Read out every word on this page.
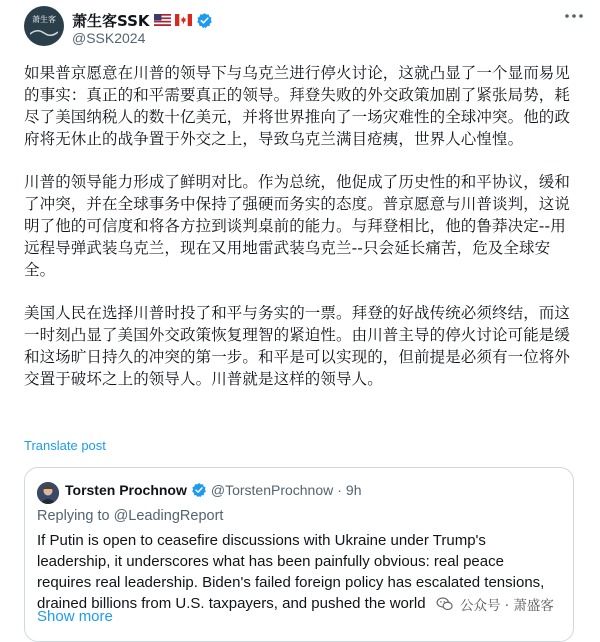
萧生客	萧生客SSK
@SSK2024

如果普京愿意在川普的领导下与乌克兰进行停火讨论，这就凸显了一个显而易见的事实：真正的和平需要真正的领导。拜登失败的外交政策加剧了紧张局势，耗尽了美国纳税人的数十亿美元，并将世界推向了一场灾难性的全球冲突。他的政府将无休止的战争置于外交之上，导致乌克兰满目疮痍，世界人心惶惶。

川普的领导能力形成了鲜明对比。作为总统，他促成了历史性的和平协议，缓和了冲突，并在全球事务中保持了强硬而务实的态度。普京愿意与川普谈判，这说明了他的可信度和将各方拉到谈判桌前的能力。与拜登相比，他的鲁莽决定--用远程导弹武装乌克兰，现在又用地雷武装乌克兰--只会延长痛苦，危及全球安全。

美国人民在选择川普时投了和平与务实的一票。拜登的好战传统必须终结，而这一时刻凸显了美国外交政策恢复理智的紧迫性。由川普主导的停火讨论可能是缓和这场旷日持久的冲突的第一步。和平是可以实现的，但前提是必须有一位将外交置于破坏之上的领导人。川普就是这样的领导人。

Translate post
Torsten Prochnow @TorstenProchnow · 9h
Replying to @LeadingReport
If Putin is open to ceasefire discussions with Ukraine under Trump's leadership, it underscores what has been painfully obvious: real peace requires real leadership. Biden's failed foreign policy has escalated tensions, drained billions from U.S. taxpayers, and pushed the world
Show more
公众号 · 萧盛客
